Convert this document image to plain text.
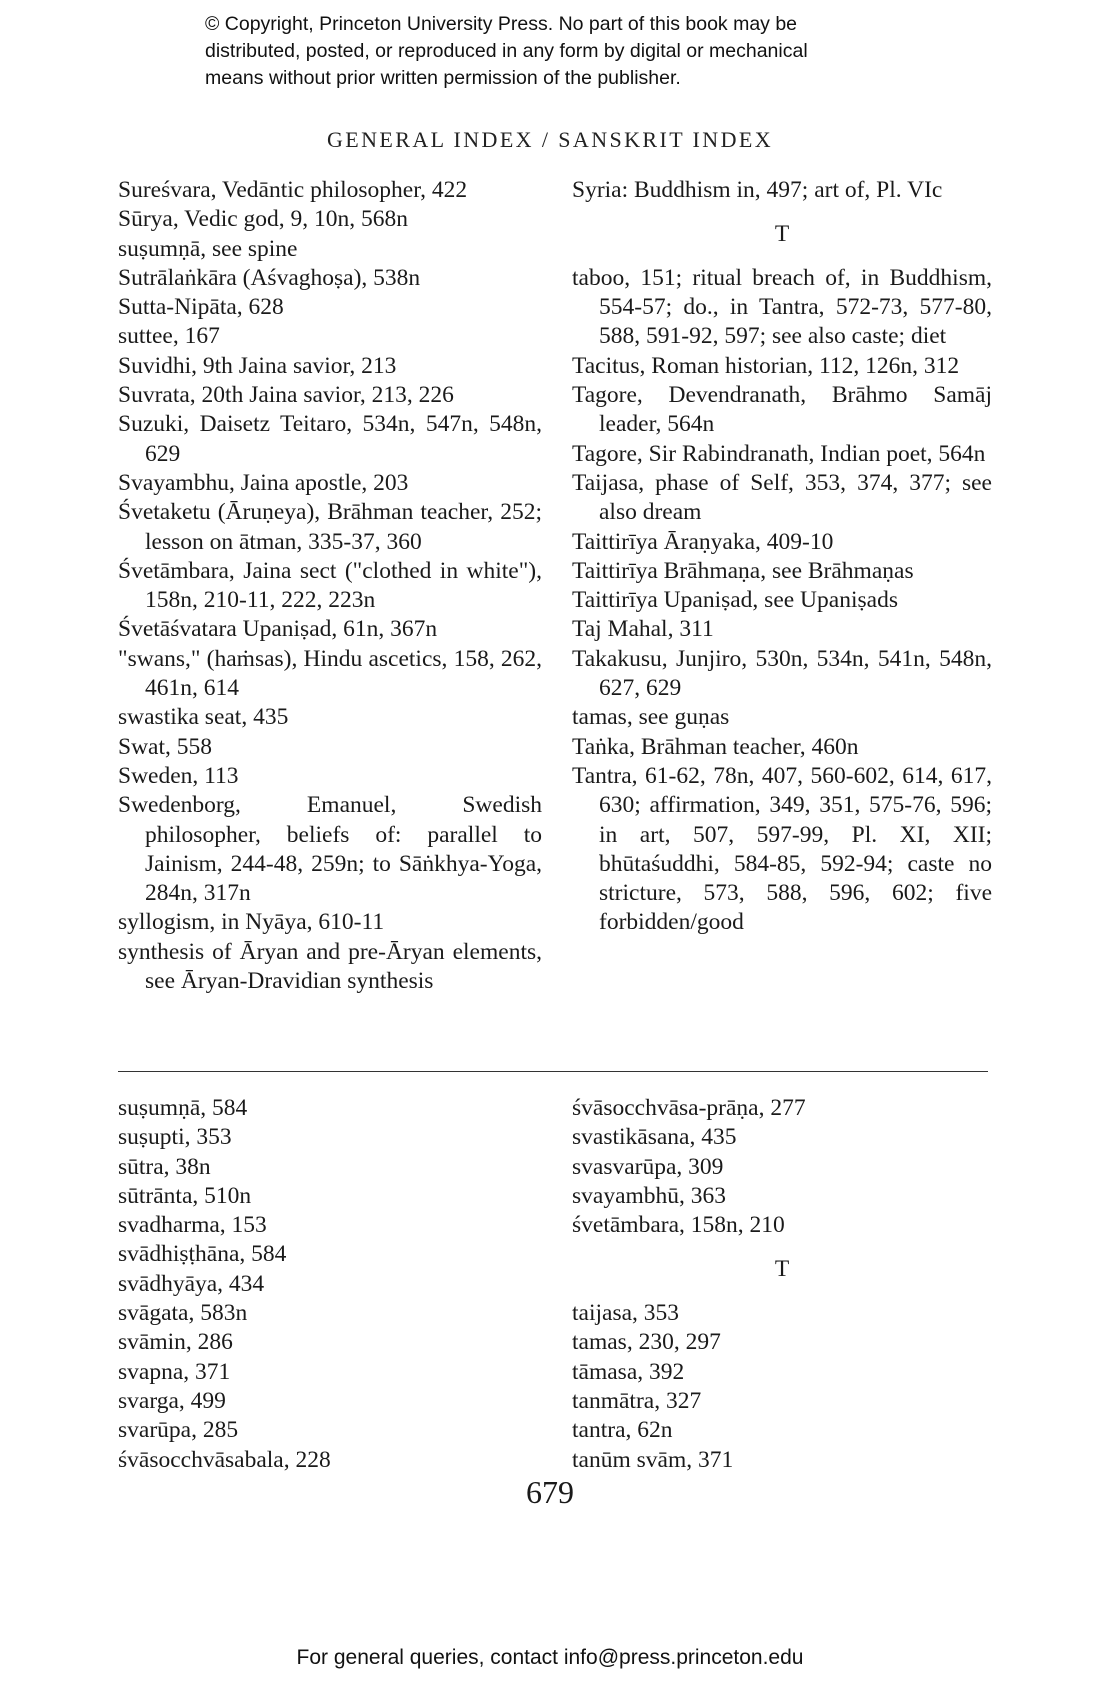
© Copyright, Princeton University Press. No part of this book may be
distributed, posted, or reproduced in any form by digital or mechanical
means without prior written permission of the publisher.
GENERAL INDEX / SANSKRIT INDEX
Sureśvara, Vedāntic philosopher, 422
Sūrya, Vedic god, 9, 10n, 568n
suṣumṇā, see spine
Sutrālaṅkāra (Aśvaghoṣa), 538n
Sutta-Nipāta, 628
suttee, 167
Suvidhi, 9th Jaina savior, 213
Suvrata, 20th Jaina savior, 213, 226
Suzuki, Daisetz Teitaro, 534n, 547n, 548n, 629
Svayambhu, Jaina apostle, 203
Śvetaketu (Āruṇeya), Brāhman teacher, 252; lesson on ātman, 335-37, 360
Śvetāmbara, Jaina sect ("clothed in white"), 158n, 210-11, 222, 223n
Śvetāśvatara Upaniṣad, 61n, 367n
"swans," (haṁsas), Hindu ascetics, 158, 262, 461n, 614
swastika seat, 435
Swat, 558
Sweden, 113
Swedenborg, Emanuel, Swedish philosopher, beliefs of: parallel to Jainism, 244-48, 259n; to Sāṅkhya-Yoga, 284n, 317n
syllogism, in Nyāya, 610-11
synthesis of Āryan and pre-Āryan elements, see Āryan-Dravidian synthesis
Syria: Buddhism in, 497; art of, Pl. VIc
T
taboo, 151; ritual breach of, in Buddhism, 554-57; do., in Tantra, 572-73, 577-80, 588, 591-92, 597; see also caste; diet
Tacitus, Roman historian, 112, 126n, 312
Tagore, Devendranath, Brāhmo Samāj leader, 564n
Tagore, Sir Rabindranath, Indian poet, 564n
Taijasa, phase of Self, 353, 374, 377; see also dream
Taittirīya Āraṇyaka, 409-10
Taittirīya Brāhmaṇa, see Brāhmaṇas
Taittirīya Upaniṣad, see Upaniṣads
Taj Mahal, 311
Takakusu, Junjiro, 530n, 534n, 541n, 548n, 627, 629
tamas, see guṇas
Taṅka, Brāhman teacher, 460n
Tantra, 61-62, 78n, 407, 560-602, 614, 617, 630; affirmation, 349, 351, 575-76, 596; in art, 507, 597-99, Pl. XI, XII; bhūtaśuddhi, 584-85, 592-94; caste no stricture, 573, 588, 596, 602; five forbidden/good
suṣumṇā, 584
suṣupti, 353
sūtra, 38n
sūtrānta, 510n
svadharma, 153
svādhiṣṭhāna, 584
svādhyāya, 434
svāgata, 583n
svāmin, 286
svapna, 371
svarga, 499
svarūpa, 285
śvāsocchvāsabala, 228
śvāsocchvāsa-prāṇa, 277
svastikāsana, 435
svasvarūpa, 309
svayambhū, 363
śvetāmbara, 158n, 210
T
taijasa, 353
tamas, 230, 297
tāmasa, 392
tanmātra, 327
tantra, 62n
tanūm svām, 371
679
For general queries, contact info@press.princeton.edu
